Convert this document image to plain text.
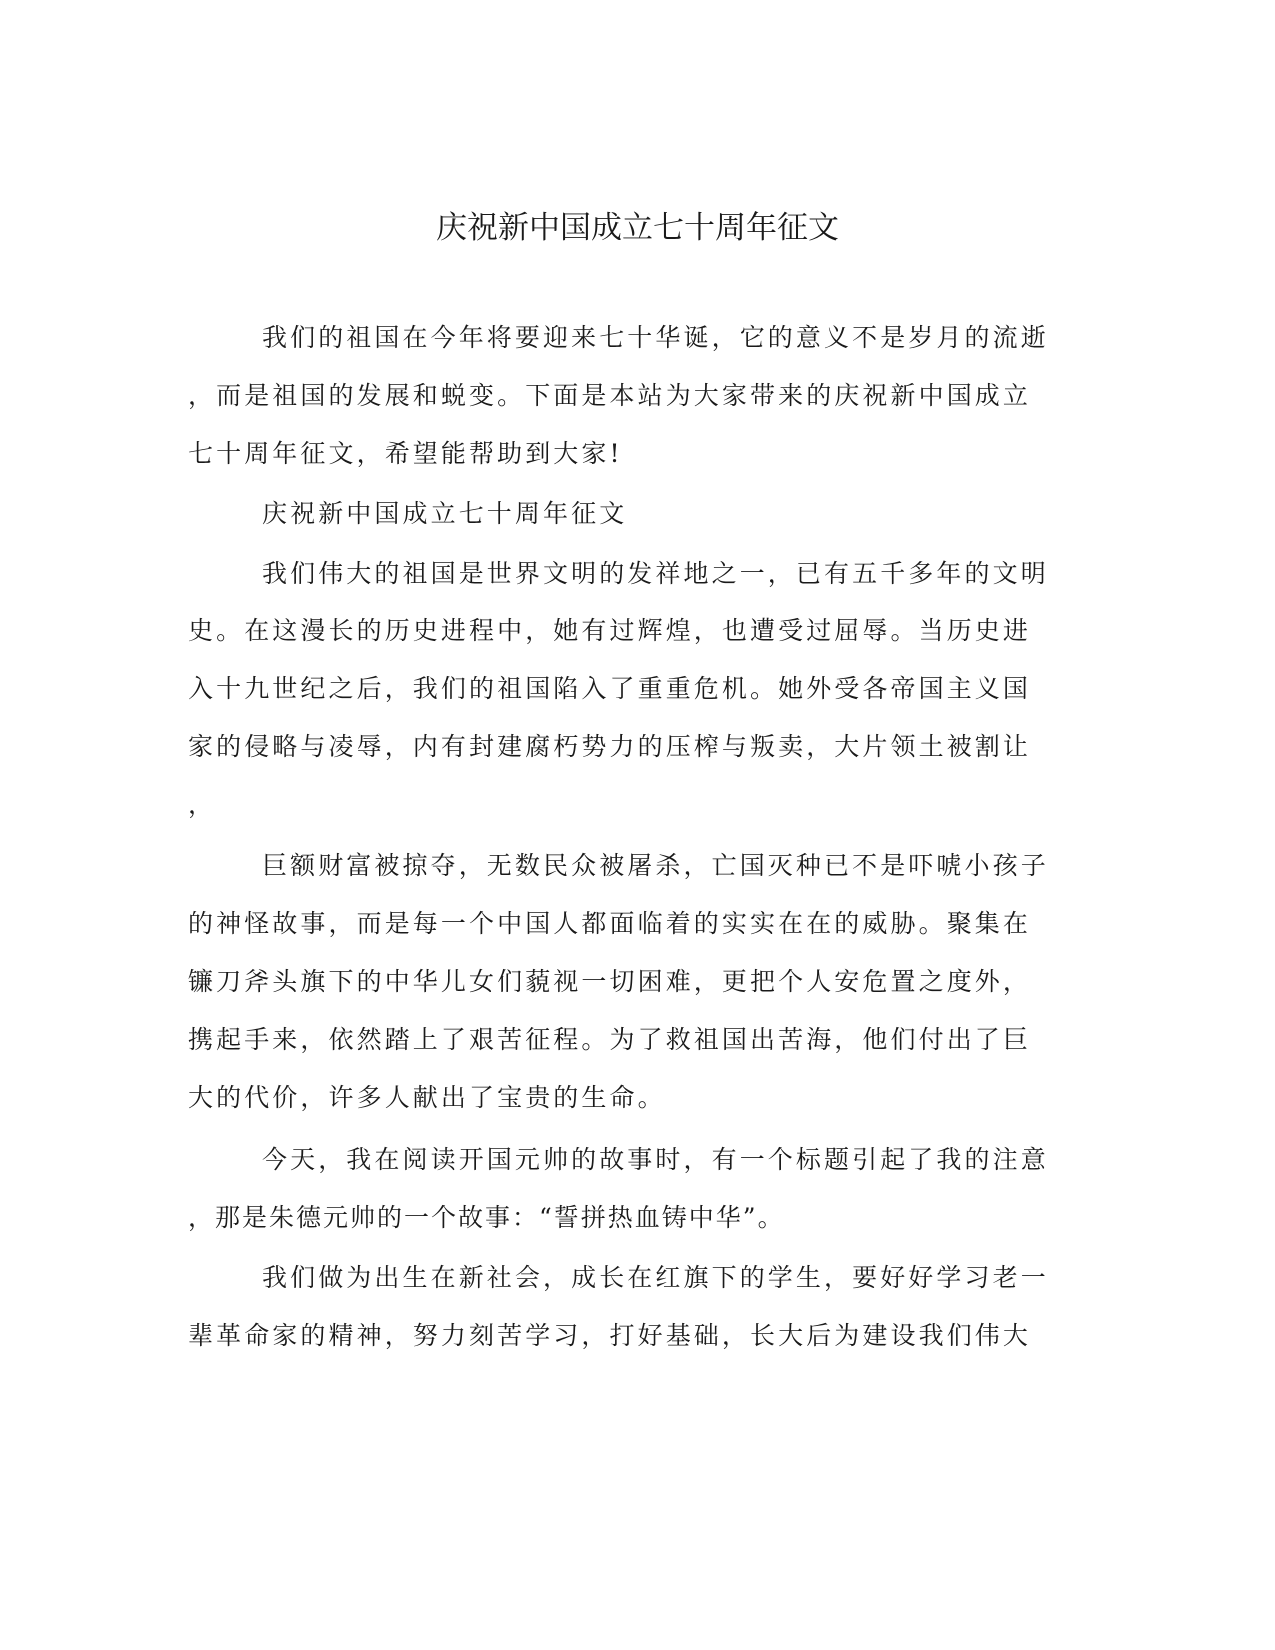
庆祝新中国成立七十周年征文

我们的祖国在今年将要迎来七十华诞，它的意义不是岁月的流逝

，而是祖国的发展和蜕变。下面是本站为大家带来的庆祝新中国成立

七十周年征文，希望能帮助到大家!

庆祝新中国成立七十周年征文

我们伟大的祖国是世界文明的发祥地之一，已有五千多年的文明

史。在这漫长的历史进程中，她有过辉煌，也遭受过屈辱。当历史进

入十九世纪之后，我们的祖国陷入了重重危机。她外受各帝国主义国

家的侵略与凌辱，内有封建腐朽势力的压榨与叛卖，大片领土被割让

，

巨额财富被掠夺，无数民众被屠杀，亡国灭种已不是吓唬小孩子

的神怪故事，而是每一个中国人都面临着的实实在在的威胁。聚集在

镰刀斧头旗下的中华儿女们藐视一切困难，更把个人安危置之度外，

携起手来，依然踏上了艰苦征程。为了救祖国出苦海，他们付出了巨

大的代价，许多人献出了宝贵的生命。

今天，我在阅读开国元帅的故事时，有一个标题引起了我的注意

，那是朱德元帅的一个故事：“誓拼热血铸中华”。

我们做为出生在新社会，成长在红旗下的学生，要好好学习老一

辈革命家的精神，努力刻苦学习，打好基础，长大后为建设我们伟大
